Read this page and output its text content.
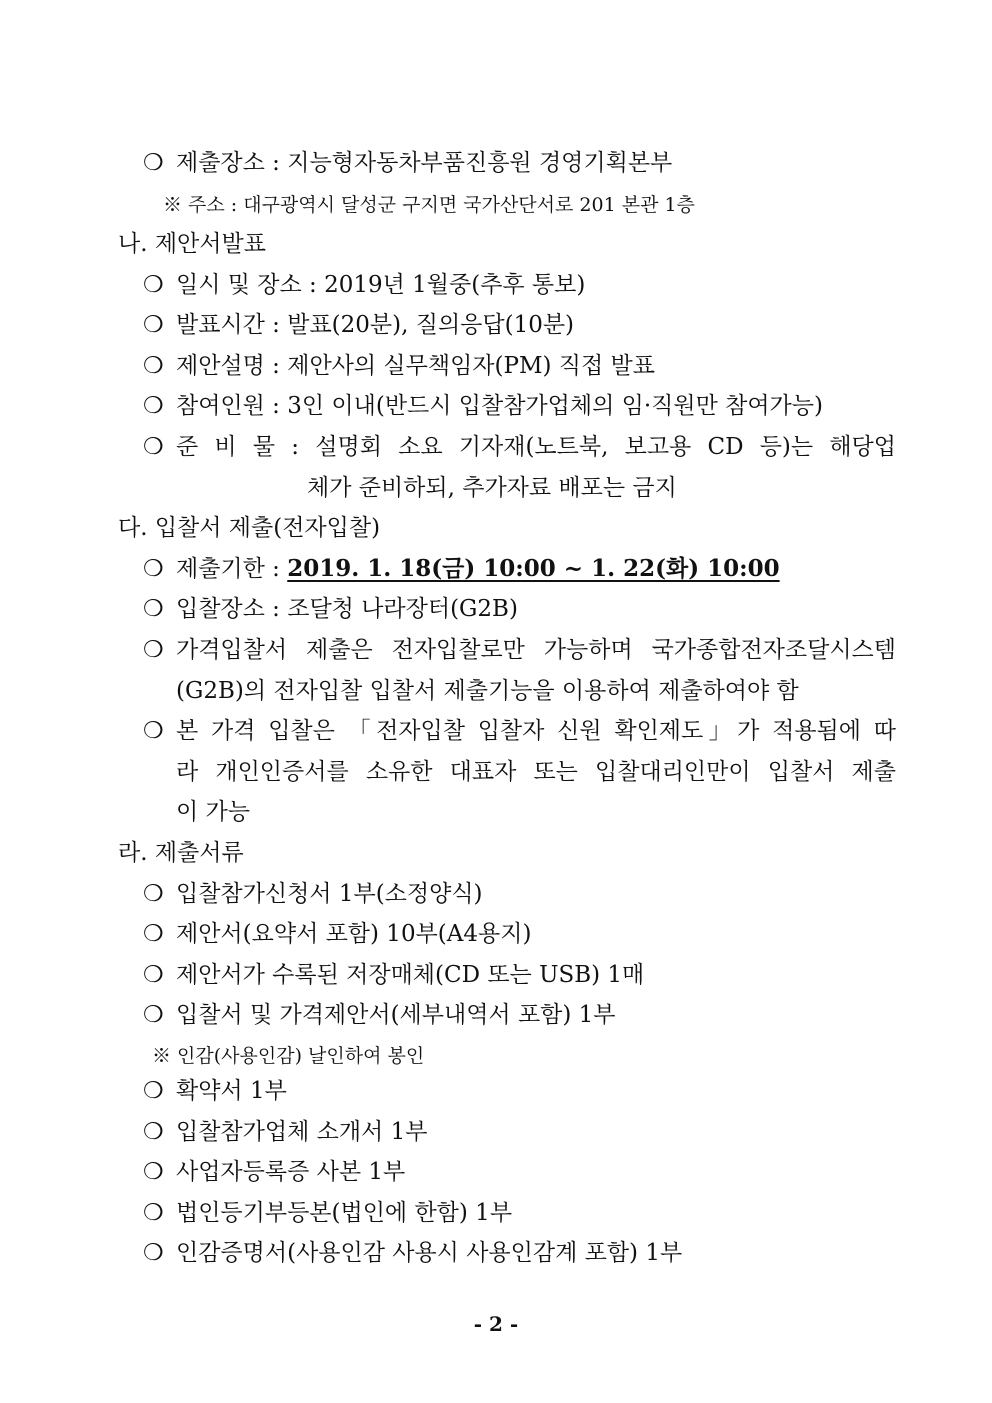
❍ 제출장소 : 지능형자동차부품진흥원 경영기획본부
※ 주소 : 대구광역시 달성군 구지면 국가산단서로 201 본관 1층
나. 제안서발표
❍ 일시 및 장소 : 2019년 1월중(추후 통보)
❍ 발표시간 : 발표(20분), 질의응답(10분)
❍ 제안설명 : 제안사의 실무책임자(PM) 직접 발표
❍ 참여인원 : 3인 이내(반드시 입찰참가업체의 임·직원만 참여가능)
❍ 준 비 물 : 설명회 소요 기자재(노트북, 보고용 CD 등)는 해당업
체가 준비하되, 추가자료 배포는 금지
다. 입찰서 제출(전자입찰)
❍ 제출기한 : 2019. 1. 18(금) 10:00 ~ 1. 22(화) 10:00
❍ 입찰장소 : 조달청 나라장터(G2B)
❍ 가격입찰서 제출은 전자입찰로만 가능하며 국가종합전자조달시스템
(G2B)의 전자입찰 입찰서 제출기능을 이용하여 제출하여야 함
❍ 본 가격 입찰은 「전자입찰 입찰자 신원 확인제도」가 적용됨에 따
라 개인인증서를 소유한 대표자 또는 입찰대리인만이 입찰서 제출
이 가능
라. 제출서류
❍ 입찰참가신청서 1부(소정양식)
❍ 제안서(요약서 포함) 10부(A4용지)
❍ 제안서가 수록된 저장매체(CD 또는 USB) 1매
❍ 입찰서 및 가격제안서(세부내역서 포함) 1부
※ 인감(사용인감) 날인하여 봉인
❍ 확약서 1부
❍ 입찰참가업체 소개서 1부
❍ 사업자등록증 사본 1부
❍ 법인등기부등본(법인에 한함) 1부
❍ 인감증명서(사용인감 사용시 사용인감계 포함) 1부
- 2 -
